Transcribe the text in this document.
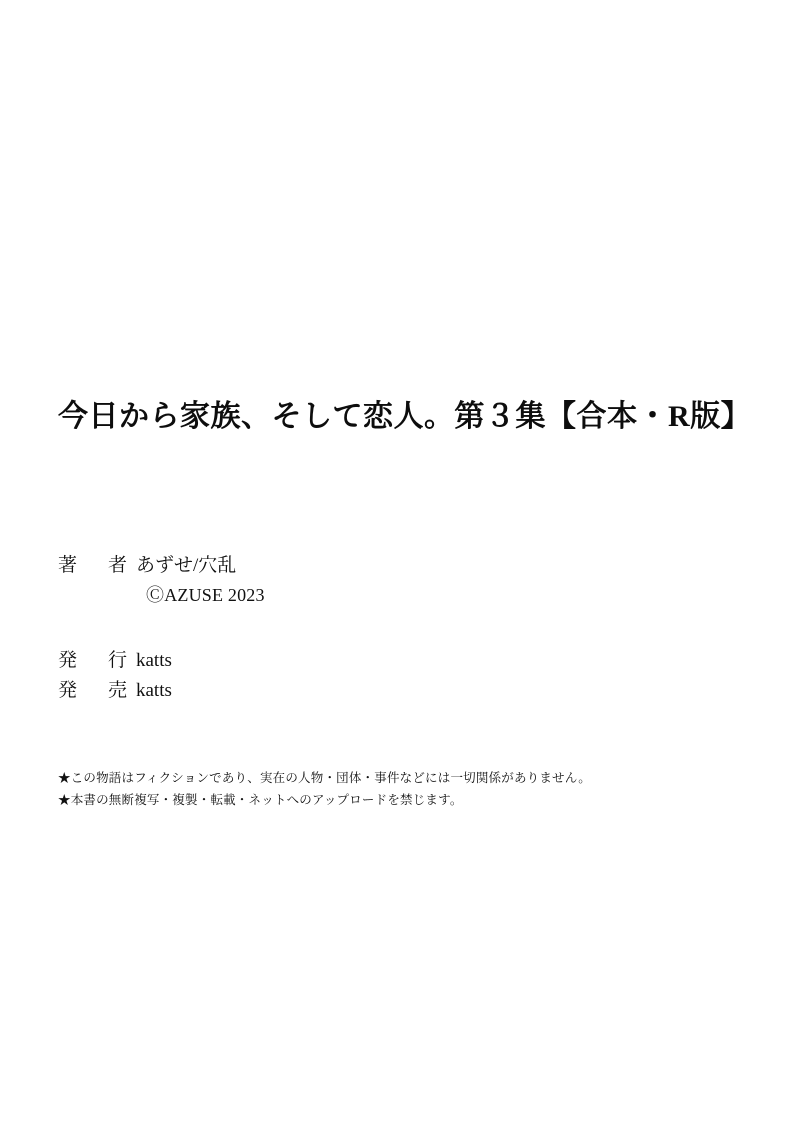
今日から家族、そして恋人。第３集【合本・R版】
著　者 あずせ/穴乱
ⒸAZUSE 2023
発　行 katts
発　売 katts
★この物語はフィクションであり、実在の人物・団体・事件などには一切関係がありません。
★本書の無断複写・複製・転載・ネットへのアップロードを禁じます。
